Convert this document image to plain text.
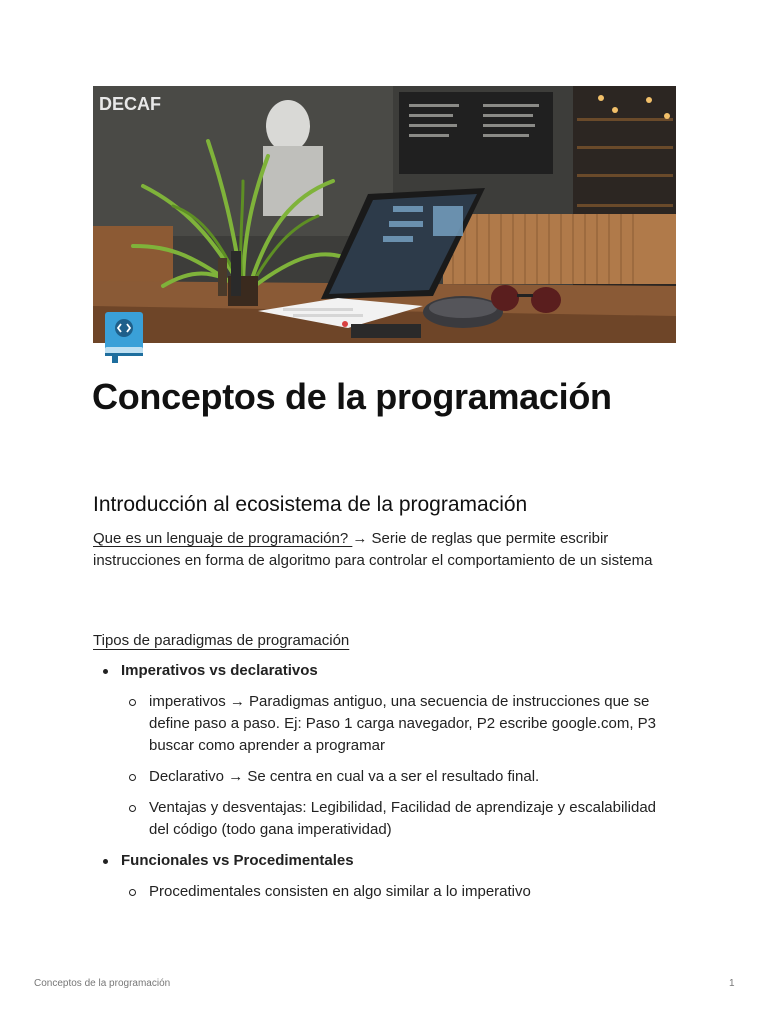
DECAF
Conceptos de la programación
Introducción al ecosistema de la programación

Que es un lenguaje de programación? → Serie de reglas que permite escribir instrucciones en forma de algoritmo para controlar el comportamiento de un sistema

Tipos de paradigmas de programación

Imperativos vs declarativos
imperativos → Paradigmas antiguo, una secuencia de instrucciones que se define paso a paso. Ej: Paso 1 carga navegador, P2 escribe google.com, P3 buscar como aprender a programar
Declarativo → Se centra en cual va a ser el resultado final.
Ventajas y desventajas: Legibilidad, Facilidad de aprendizaje y escalabilidad del código (todo gana imperatividad)
Funcionales vs Procedimentales
Procedimentales consisten en algo similar a lo imperativo
Conceptos de la programación	1
